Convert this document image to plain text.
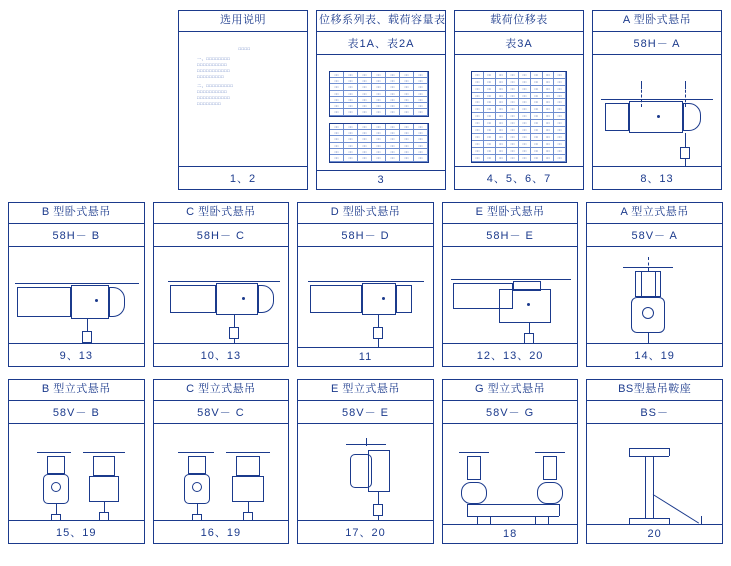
选用说明
□□□□
一、□□□□□□□□
□□□□□□□□□□
□□□□□□□□□□□
□□□□□□□□□
二、□□□□□□□□□
□□□□□□□□□□
□□□□□□□□□□□
□□□□□□□□
1、2
位移系列表、载荷容量表
表1A、表2A
□□	□□	□□	□□	□□	□□	□□
□□	□□	□□	□□	□□	□□	□□
□□	□□	□□	□□	□□	□□	□□
□□	□□	□□	□□	□□	□□	□□
□□	□□	□□	□□	□□	□□	□□
□□	□□	□□	□□	□□	□□	□□
□□	□□	□□	□□	□□	□□	□□
□□	□□	□□	□□	□□	□□	□□
□□	□□	□□	□□	□□	□□	□□
□□	□□	□□	□□	□□	□□	□□
□□	□□	□□	□□	□□	□□	□□
□□	□□	□□	□□	□□	□□	□□
□□	□□	□□	□□	□□	□□	□□
3
载荷位移表
表3A
□□	□□	□□	□□	□□	□□	□□	□□
□□	□□	□□	□□	□□	□□	□□	□□
□□	□□	□□	□□	□□	□□	□□	□□
□□	□□	□□	□□	□□	□□	□□	□□
□□	□□	□□	□□	□□	□□	□□	□□
□□	□□	□□	□□	□□	□□	□□	□□
□□	□□	□□	□□	□□	□□	□□	□□
□□	□□	□□	□□	□□	□□	□□	□□
□□	□□	□□	□□	□□	□□	□□	□□
□□	□□	□□	□□	□□	□□	□□	□□
□□	□□	□□	□□	□□	□□	□□	□□
□□	□□	□□	□□	□□	□□	□□	□□
□□	□□	□□	□□	□□	□□	□□	□□
4、5、6、7
A 型卧式悬吊
58H－ A
8、13
B 型卧式悬吊
58H－ B
9、13
C 型卧式悬吊
58H－ C
10、13
D 型卧式悬吊
58H－ D
11
E 型卧式悬吊
58H－ E
12、13、20
A 型立式悬吊
58V－ A
14、19
B 型立式悬吊
58V－ B
15、19
C 型立式悬吊
58V－ C
16、19
E 型立式悬吊
58V－ E
17、20
G 型立式悬吊
58V－ G
18
BS型悬吊鞍座
BS－
20
